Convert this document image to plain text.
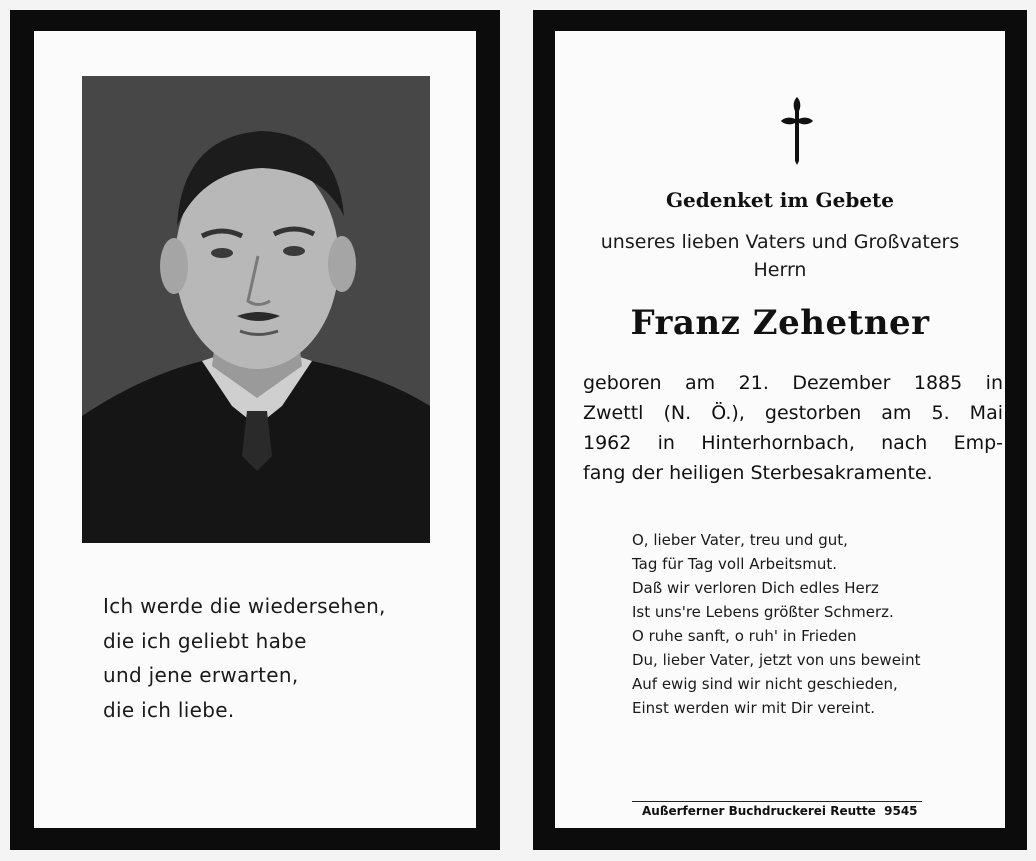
Ich werde die wiedersehen,
die ich geliebt habe
und jene erwarten,
die ich liebe.
Gedenket im Gebete
unseres lieben Vaters und Großvaters
Herrn
Franz Zehetner
geboren am 21. Dezember 1885 in
Zwettl (N. Ö.), gestorben am 5. Mai
1962 in Hinterhornbach, nach Emp-
fang der heiligen Sterbesakramente.
O, lieber Vater, treu und gut,
Tag für Tag voll Arbeitsmut.
Daß wir verloren Dich edles Herz
Ist uns're Lebens größter Schmerz.
O ruhe sanft, o ruh' in Frieden
Du, lieber Vater, jetzt von uns beweint
Auf ewig sind wir nicht geschieden,
Einst werden wir mit Dir vereint.
Außerferner Buchdruckerei Reutte 9545
